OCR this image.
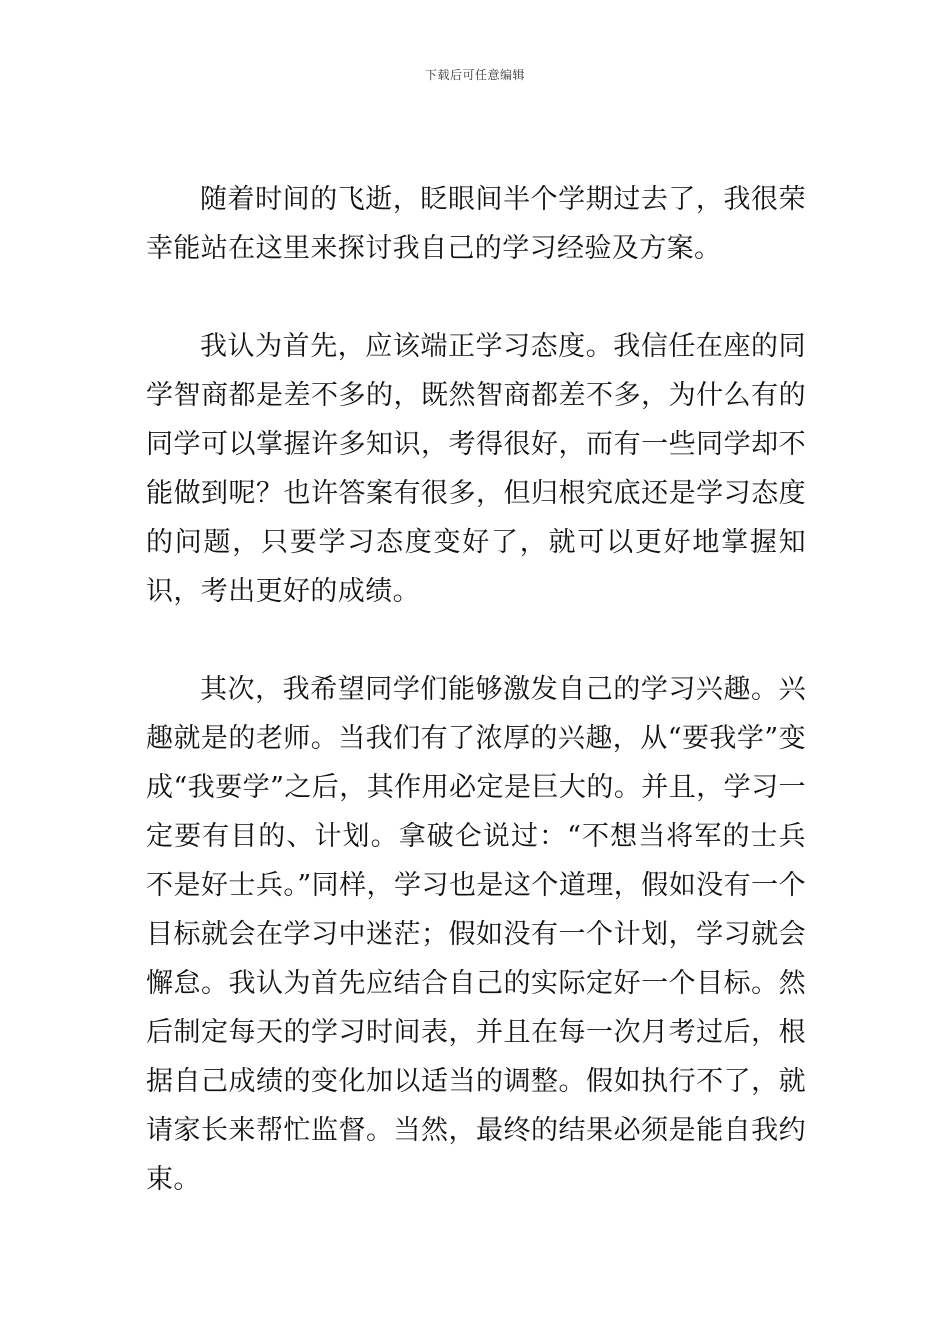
下载后可任意编辑

随着时间的飞逝，眨眼间半个学期过去了，我很荣幸能站在这里来探讨我自己的学习经验及方案。

我认为首先，应该端正学习态度。我信任在座的同学智商都是差不多的，既然智商都差不多，为什么有的同学可以掌握许多知识，考得很好，而有一些同学却不能做到呢？也许答案有很多，但归根究底还是学习态度的问题，只要学习态度变好了，就可以更好地掌握知识，考出更好的成绩。

其次，我希望同学们能够激发自己的学习兴趣。兴趣就是的老师。当我们有了浓厚的兴趣，从“要我学”变成“我要学”之后，其作用必定是巨大的。并且，学习一定要有目的、计划。拿破仑说过：“不想当将军的士兵不是好士兵。”同样，学习也是这个道理，假如没有一个目标就会在学习中迷茫；假如没有一个计划，学习就会懈怠。我认为首先应结合自己的实际定好一个目标。然后制定每天的学习时间表，并且在每一次月考过后，根据自己成绩的变化加以适当的调整。假如执行不了，就请家长来帮忙监督。当然，最终的结果必须是能自我约束。
